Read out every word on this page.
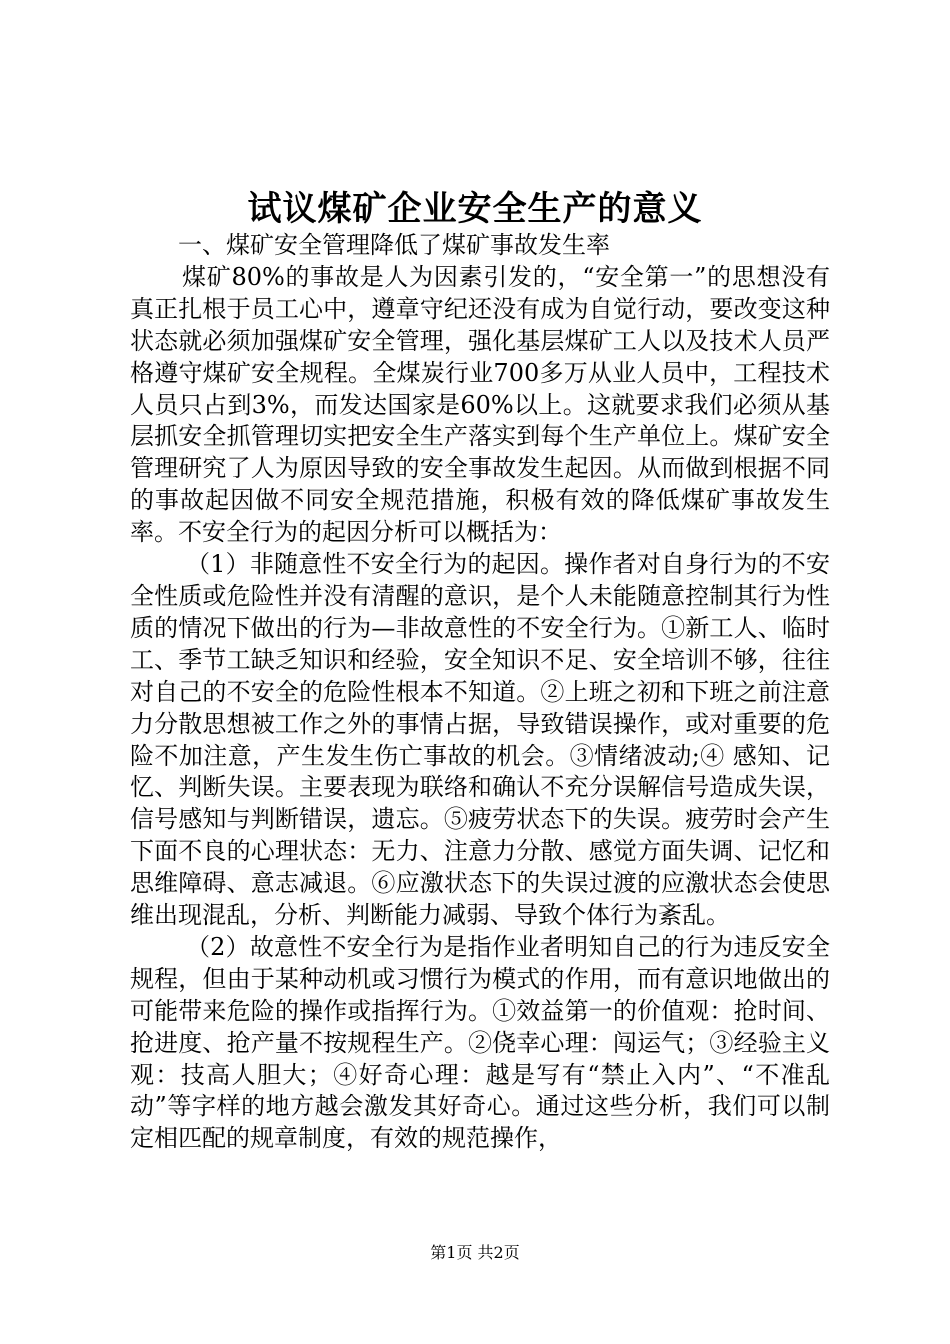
试议煤矿企业安全生产的意义

一、煤矿安全管理降低了煤矿事故发生率

煤矿80%的事故是人为因素引发的，“安全第一”的思想没有真正扎根于员工心中，遵章守纪还没有成为自觉行动，要改变这种状态就必须加强煤矿安全管理，强化基层煤矿工人以及技术人员严格遵守煤矿安全规程。全煤炭行业700多万从业人员中，工程技术人员只占到3%，而发达国家是60%以上。这就要求我们必须从基层抓安全抓管理切实把安全生产落实到每个生产单位上。煤矿安全管理研究了人为原因导致的安全事故发生起因。从而做到根据不同的事故起因做不同安全规范措施，积极有效的降低煤矿事故发生率。不安全行为的起因分析可以概括为：

（1）非随意性不安全行为的起因。操作者对自身行为的不安全性质或危险性并没有清醒的意识，是个人未能随意控制其行为性质的情况下做出的行为—非故意性的不安全行为。①新工人、临时工、季节工缺乏知识和经验，安全知识不足、安全培训不够，往往对自己的不安全的危险性根本不知道。②上班之初和下班之前注意力分散思想被工作之外的事情占据，导致错误操作，或对重要的危险不加注意，产生发生伤亡事故的机会。③情绪波动;④ 感知、记忆、判断失误。主要表现为联络和确认不充分误解信号造成失误，信号感知与判断错误，遗忘。⑤疲劳状态下的失误。疲劳时会产生下面不良的心理状态：无力、注意力分散、感觉方面失调、记忆和思维障碍、意志减退。⑥应激状态下的失误过渡的应激状态会使思维出现混乱，分析、判断能力减弱、导致个体行为紊乱。

（2）故意性不安全行为是指作业者明知自己的行为违反安全规程，但由于某种动机或习惯行为模式的作用，而有意识地做出的可能带来危险的操作或指挥行为。①效益第一的价值观：抢时间、抢进度、抢产量不按规程生产。②侥幸心理：闯运气；③经验主义观：技高人胆大；④好奇心理：越是写有“禁止入内”、“不准乱动”等字样的地方越会激发其好奇心。通过这些分析，我们可以制定相匹配的规章制度，有效的规范操作，

第1页 共2页
